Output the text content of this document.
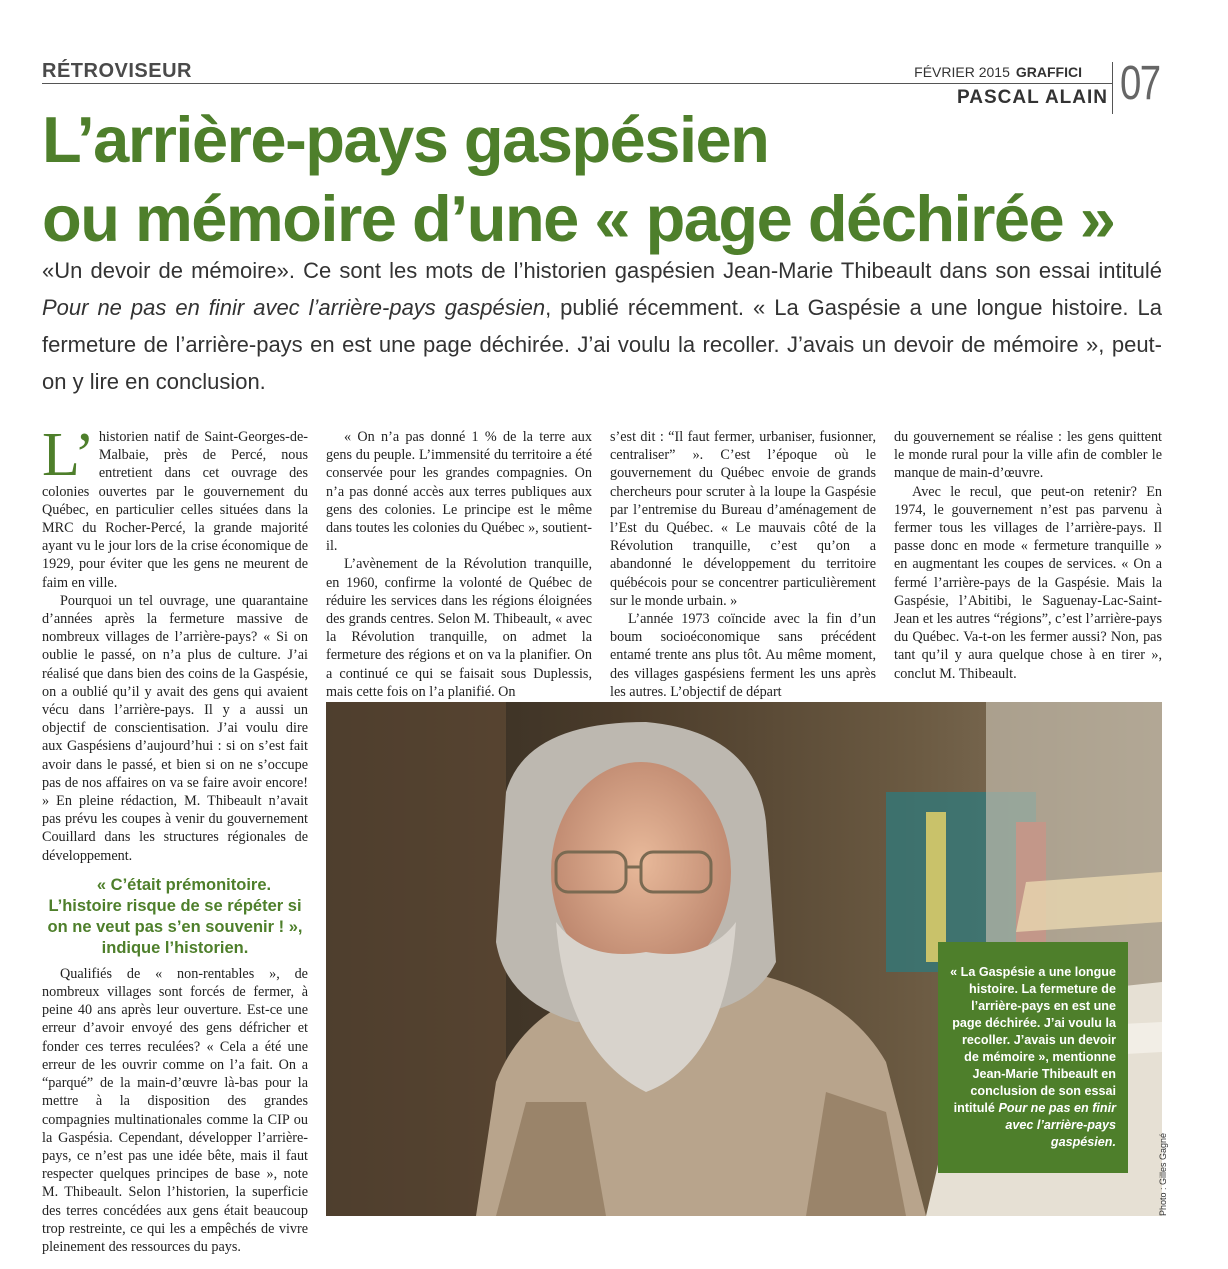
RÉTROVISEUR	FÉVRIER 2015 GRAFFICI
PASCAL ALAIN 07
L’arrière-pays gaspésien
ou mémoire d’une « page déchirée »
«Un devoir de mémoire». Ce sont les mots de l’historien gaspésien Jean-Marie Thibeault dans son essai intitulé Pour ne pas en finir avec l’arrière-pays gaspésien, publié récemment. « La Gaspésie a une longue histoire. La fermeture de l’arrière-pays en est une page déchirée. J’ai voulu la recoller. J’avais un devoir de mémoire », peut-on y lire en conclusion.

L’ historien natif de Saint-Georges-de-Malbaie, près de Percé, nous entretient dans cet ouvrage des colonies ouvertes par le gouvernement du Québec, en particulier celles situées dans la MRC du Rocher-Percé, la grande majorité ayant vu le jour lors de la crise économique de 1929, pour éviter que les gens ne meurent de faim en ville.

Pourquoi un tel ouvrage, une quarantaine d’années après la fermeture massive de nombreux villages de l’arrière-pays? « Si on oublie le passé, on n’a plus de culture. J’ai réalisé que dans bien des coins de la Gaspésie, on a oublié qu’il y avait des gens qui avaient vécu dans l’arrière-pays. Il y a aussi un objectif de conscientisation. J’ai voulu dire aux Gaspésiens d’aujourd’hui : si on s’est fait avoir dans le passé, et bien si on ne s’occupe pas de nos affaires on va se faire avoir encore! » En pleine rédaction, M. Thibeault n’avait pas prévu les coupes à venir du gouvernement Couillard dans les structures régionales de développement.

« C’était prémonitoire. L’histoire risque de se répéter si on ne veut pas s’en souvenir ! », indique l’historien.

Qualifiés de « non-rentables », de nombreux villages sont forcés de fermer, à peine 40 ans après leur ouverture. Est-ce une erreur d’avoir envoyé des gens défricher et fonder ces terres reculées? « Cela a été une erreur de les ouvrir comme on l’a fait. On a “parqué” de la main-d’œuvre là-bas pour la mettre à la disposition des grandes compagnies multinationales comme la CIP ou la Gaspésia. Cependant, développer l’arrière-pays, ce n’est pas une idée bête, mais il faut respecter quelques principes de base », note M. Thibeault. Selon l’historien, la superficie des terres concédées aux gens était beaucoup trop restreinte, ce qui les a empêchés de vivre pleinement des ressources du pays.

« On n’a pas donné 1 % de la terre aux gens du peuple. L’immensité du territoire a été conservée pour les grandes compagnies. On n’a pas donné accès aux terres publiques aux gens des colonies. Le principe est le même dans toutes les colonies du Québec », soutient-il.

L’avènement de la Révolution tranquille, en 1960, confirme la volonté de Québec de réduire les services dans les régions éloignées des grands centres. Selon M. Thibeault, « avec la Révolution tranquille, on admet la fermeture des régions et on va la planifier. On a continué ce qui se faisait sous Duplessis, mais cette fois on l’a planifié. On

s’est dit : “Il faut fermer, urbaniser, fusionner, centraliser” ». C’est l’époque où le gouvernement du Québec envoie de grands chercheurs pour scruter à la loupe la Gaspésie par l’entremise du Bureau d’aménagement de l’Est du Québec. « Le mauvais côté de la Révolution tranquille, c’est qu’on a abandonné le développement du territoire québécois pour se concentrer particulièrement sur le monde urbain. »

L’année 1973 coïncide avec la fin d’un boum socioéconomique sans précédent entamé trente ans plus tôt. Au même moment, des villages gaspésiens ferment les uns après les autres. L’objectif de départ

du gouvernement se réalise : les gens quittent le monde rural pour la ville afin de combler le manque de main-d’œuvre.

Avec le recul, que peut-on retenir? En 1974, le gouvernement n’est pas parvenu à fermer tous les villages de l’arrière-pays. Il passe donc en mode « fermeture tranquille » en augmentant les coupes de services. « On a fermé l’arrière-pays de la Gaspésie. Mais la Gaspésie, l’Abitibi, le Saguenay-Lac-Saint-Jean et les autres “régions”, c’est l’arrière-pays du Québec. Va-t-on les fermer aussi? Non, pas tant qu’il y aura quelque chose à en tirer », conclut M. Thibeault.

« La Gaspésie a une longue histoire. La fermeture de l’arrière-pays en est une page déchirée. J’ai voulu la recoller. J’avais un devoir de mémoire », mentionne Jean-Marie Thibeault en conclusion de son essai intitulé Pour ne pas en finir avec l’arrière-pays gaspésien.	Photo : Gilles Gagné
